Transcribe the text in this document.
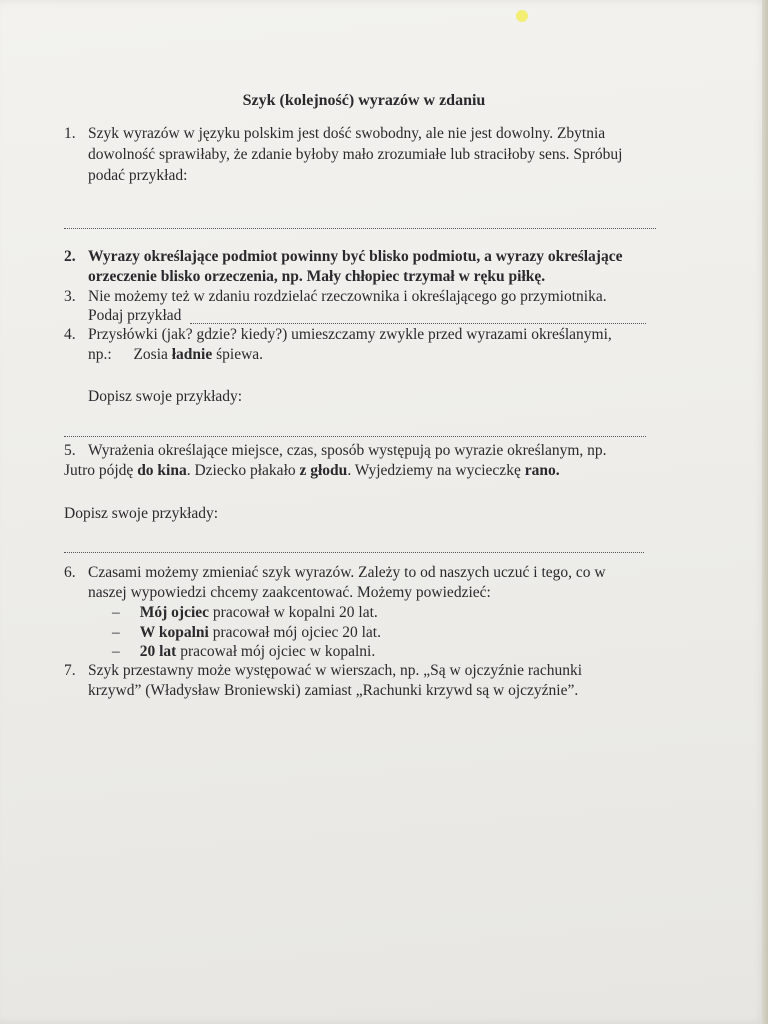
Szyk (kolejność) wyrazów w zdaniu
1. Szyk wyrazów w języku polskim jest dość swobodny, ale nie jest dowolny. Zbytnia
dowolność sprawiłaby, że zdanie byłoby mało zrozumiałe lub straciłoby sens. Spróbuj
podać przykład:
2. Wyrazy określające podmiot powinny być blisko podmiotu, a wyrazy określające
orzeczenie blisko orzeczenia, np. Mały chłopiec trzymał w ręku piłkę.
3. Nie możemy też w zdaniu rozdzielać rzeczownika i określającego go przymiotnika.
Podaj przykład
4. Przysłówki (jak? gdzie? kiedy?) umieszczamy zwykle przed wyrazami określanymi,
np.: Zosia ładnie śpiewa.
Dopisz swoje przykłady:
5. Wyrażenia określające miejsce, czas, sposób występują po wyrazie określanym, np.
Jutro pójdę do kina. Dziecko płakało z głodu. Wyjedziemy na wycieczkę rano.
Dopisz swoje przykłady:
6. Czasami możemy zmieniać szyk wyrazów. Zależy to od naszych uczuć i tego, co w
naszej wypowiedzi chcemy zaakcentować. Możemy powiedzieć:
– Mój ojciec pracował w kopalni 20 lat.
– W kopalni pracował mój ojciec 20 lat.
– 20 lat pracował mój ojciec w kopalni.
7. Szyk przestawny może występować w wierszach, np. „Są w ojczyźnie rachunki
krzywd” (Władysław Broniewski) zamiast „Rachunki krzywd są w ojczyźnie”.
